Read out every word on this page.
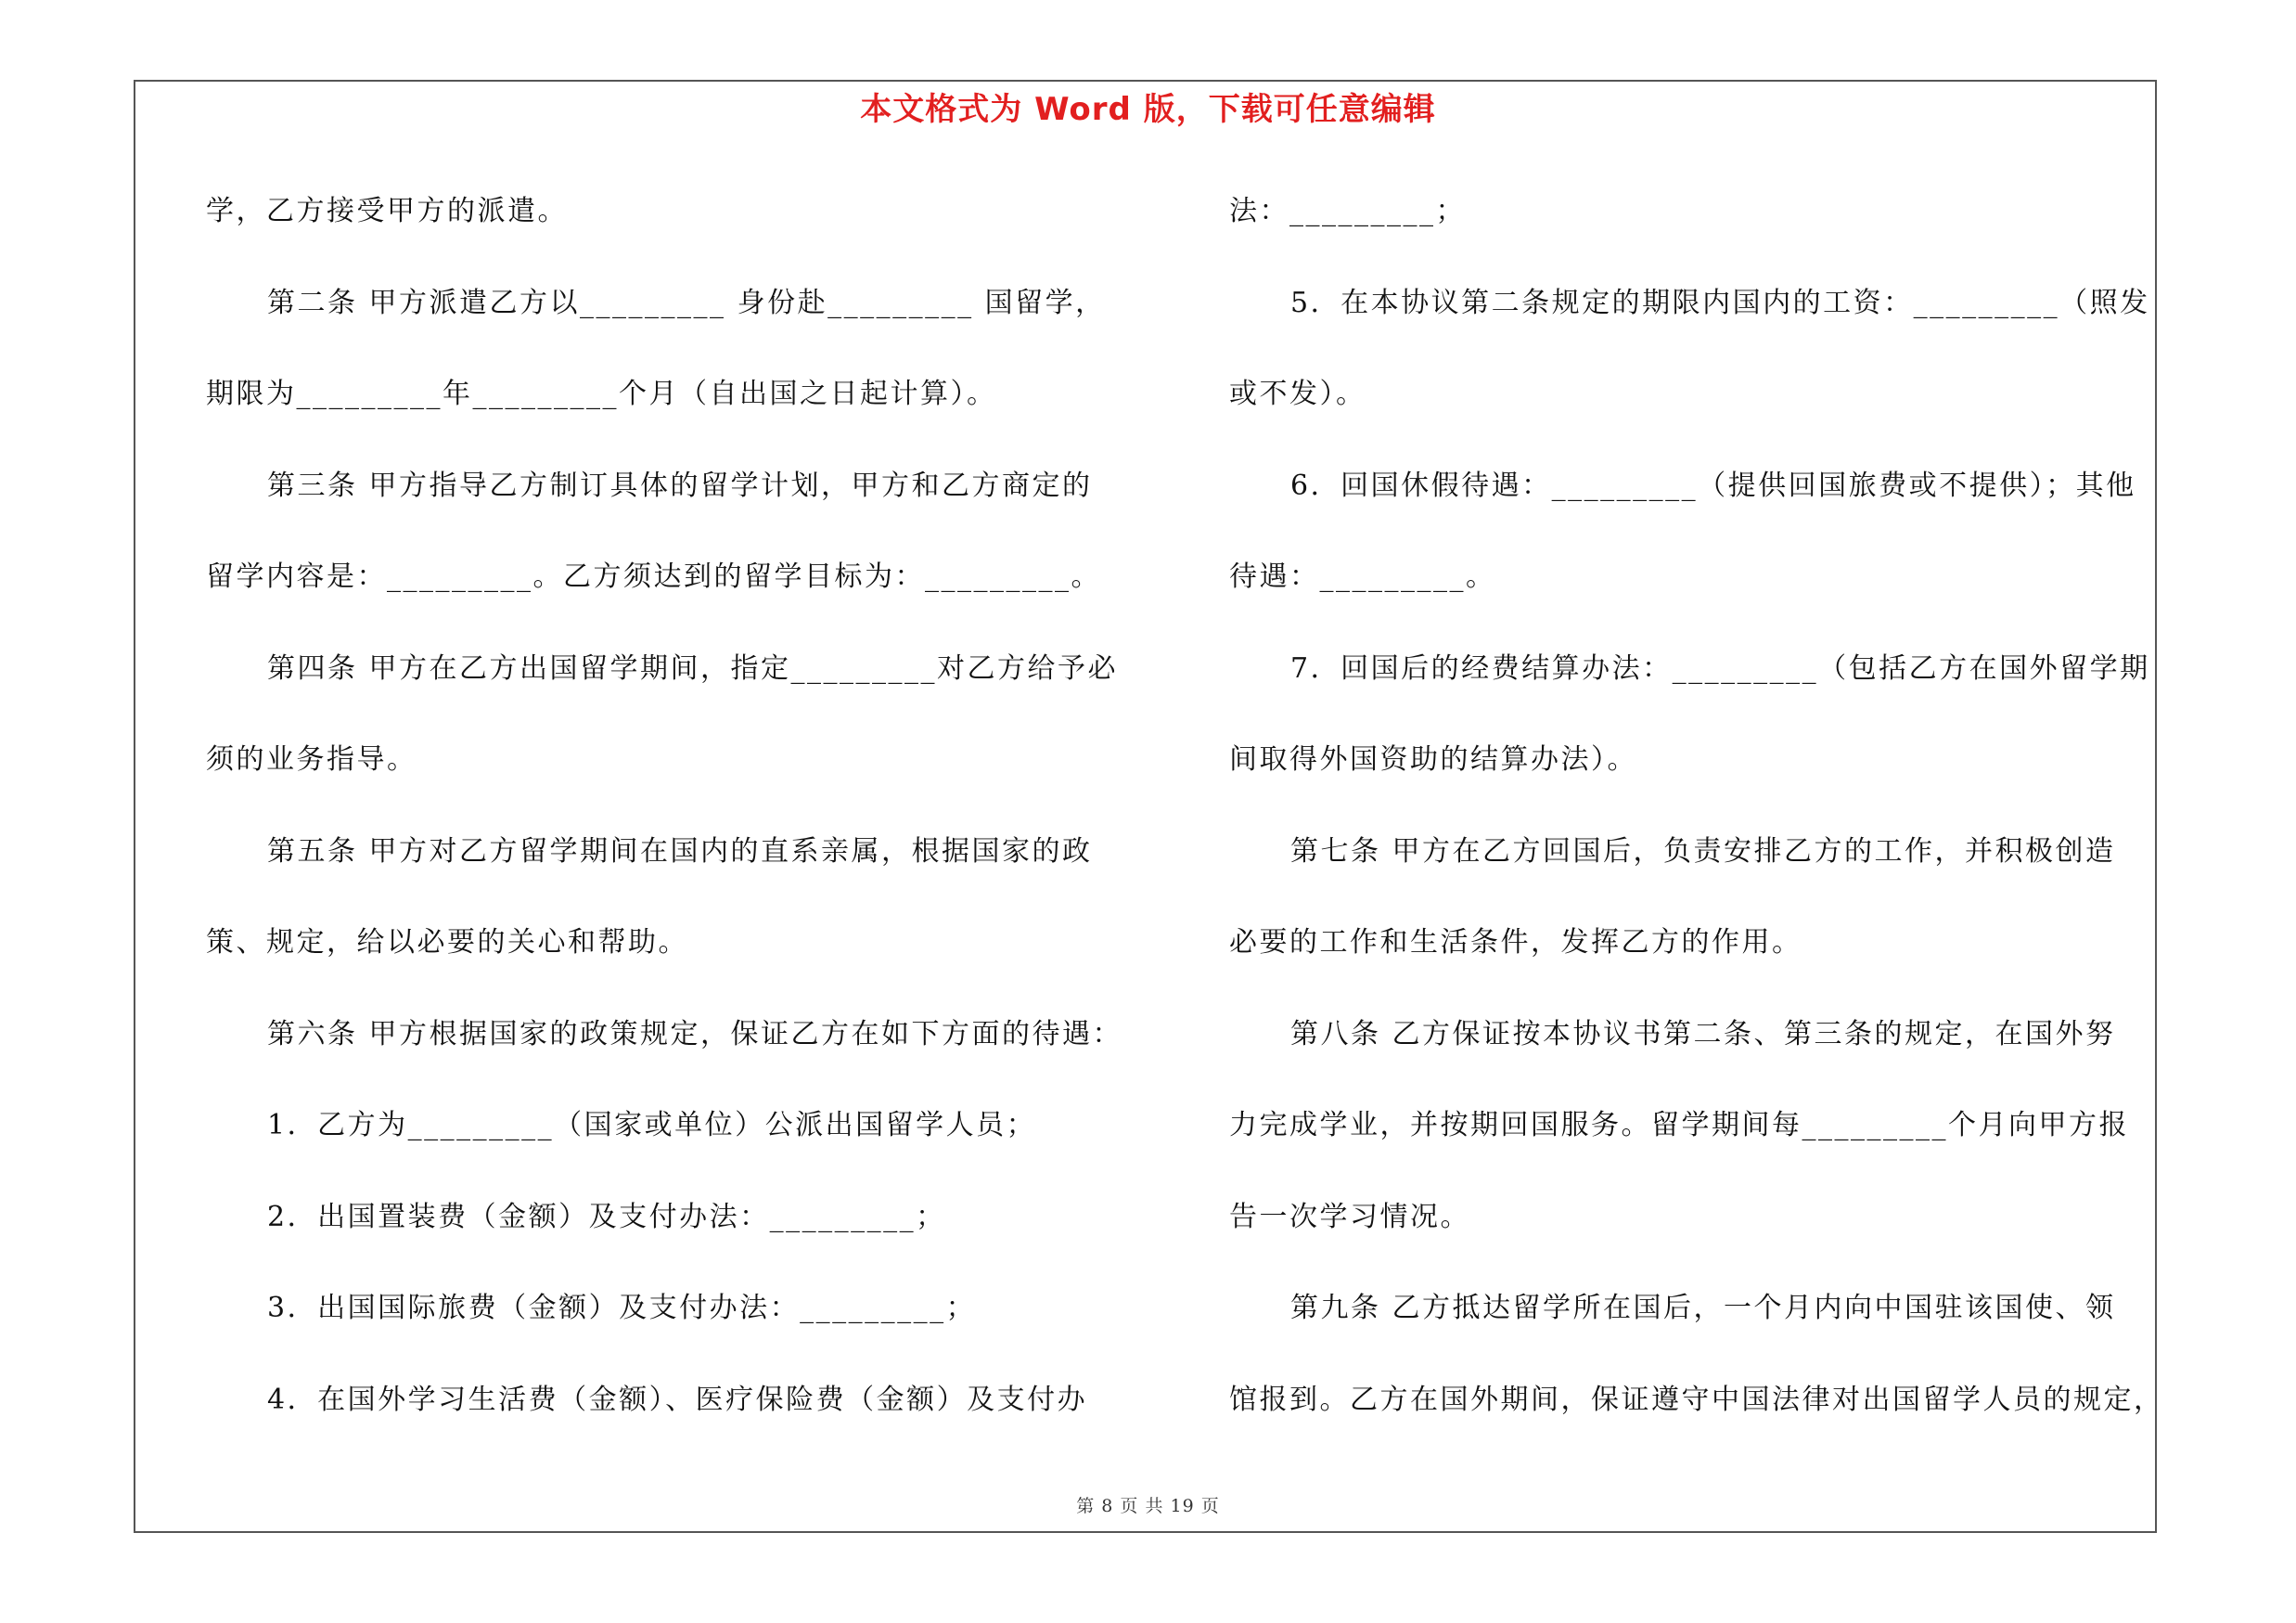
本文格式为 Word 版，下载可任意编辑
学，乙方接受甲方的派遣。
第二条 甲方派遣乙方以_________ 身份赴_________ 国留学，
期限为_________年_________个月（自出国之日起计算）。
第三条 甲方指导乙方制订具体的留学计划，甲方和乙方商定的
留学内容是：_________。乙方须达到的留学目标为：_________。
第四条 甲方在乙方出国留学期间，指定_________对乙方给予必
须的业务指导。
第五条 甲方对乙方留学期间在国内的直系亲属，根据国家的政
策、规定，给以必要的关心和帮助。
第六条 甲方根据国家的政策规定，保证乙方在如下方面的待遇：
1．乙方为_________（国家或单位）公派出国留学人员；
2．出国置装费（金额）及支付办法：_________；
3．出国国际旅费（金额）及支付办法：_________；
4．在国外学习生活费（金额）、医疗保险费（金额）及支付办
法：_________；
5．在本协议第二条规定的期限内国内的工资：_________（照发
或不发）。
6．回国休假待遇：_________（提供回国旅费或不提供）；其他
待遇：_________。
7．回国后的经费结算办法：_________（包括乙方在国外留学期
间取得外国资助的结算办法）。
第七条 甲方在乙方回国后，负责安排乙方的工作，并积极创造
必要的工作和生活条件，发挥乙方的作用。
第八条 乙方保证按本协议书第二条、第三条的规定，在国外努
力完成学业，并按期回国服务。留学期间每_________个月向甲方报
告一次学习情况。
第九条 乙方抵达留学所在国后，一个月内向中国驻该国使、领
馆报到。乙方在国外期间，保证遵守中国法律对出国留学人员的规定，
第 8 页 共 19 页
